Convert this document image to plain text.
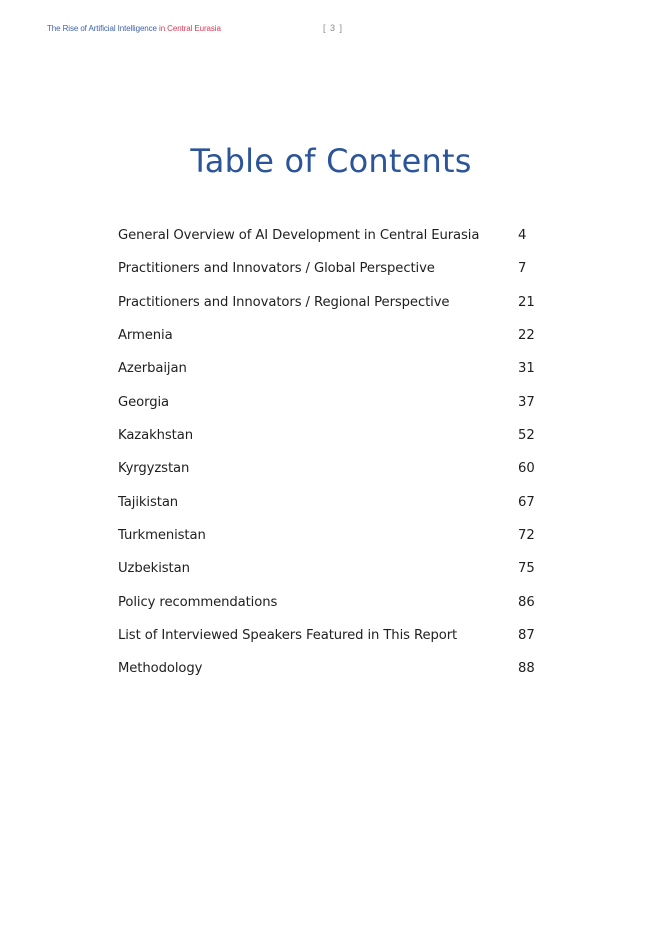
The Rise of Artificial Intelligence in Central Eurasia	[ 3 ]
Table of Contents
General Overview of AI Development in Central Eurasia	4
Practitioners and Innovators / Global Perspective	7
Practitioners and Innovators / Regional Perspective	21
Armenia	22
Azerbaijan	31
Georgia	37
Kazakhstan	52
Kyrgyzstan	60
Tajikistan	67
Turkmenistan	72
Uzbekistan	75
Policy recommendations	86
List of Interviewed Speakers Featured in This Report	87
Methodology	88
